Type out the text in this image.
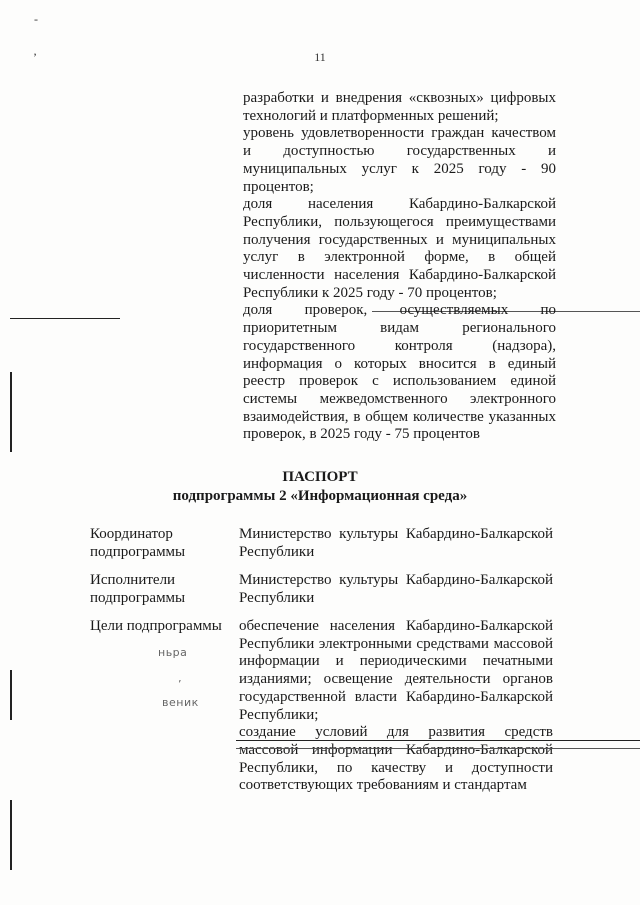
11
-
’

разработки и внедрения «сквозных» цифровых технологий и платформенных решений;

уровень удовлетворенности граждан качеством и доступностью государственных и муниципальных услуг к 2025 году - 90 процентов;

доля населения Кабардино-Балкарской Республики, пользующегося преимуществами получения государственных и муниципальных услуг в электронной форме, в общей численности населения Кабардино-Балкарской Республики к 2025 году - 70 процентов;

доля проверок, осуществляемых по приоритетным видам регионального государственного контроля (надзора), информация о которых вносится в единый реестр проверок с использованием единой системы межведомственного электронного взаимодействия, в общем количестве указанных проверок, в 2025 году - 75 процентов

ПАСПОРТ
подпрограммы 2 «Информационная среда»
Координатор подпрограммы

Министерство культуры Кабардино-Балкарской Республики

Исполнители подпрограммы

Министерство культуры Кабардино-Балкарской Республики

Цели подпрограммы	обеспечение населения Кабардино-Балкарской Республики электронными средствами массовой информации и периодическими печатными изданиями; освещение деятельности органов государственной власти Кабардино-Балкарской Республики;

создание условий для развития средств массовой информации Кабардино-Балкарской Республики, по качеству и доступности соответствующих требованиям и стандартам

ньра
’
веник
